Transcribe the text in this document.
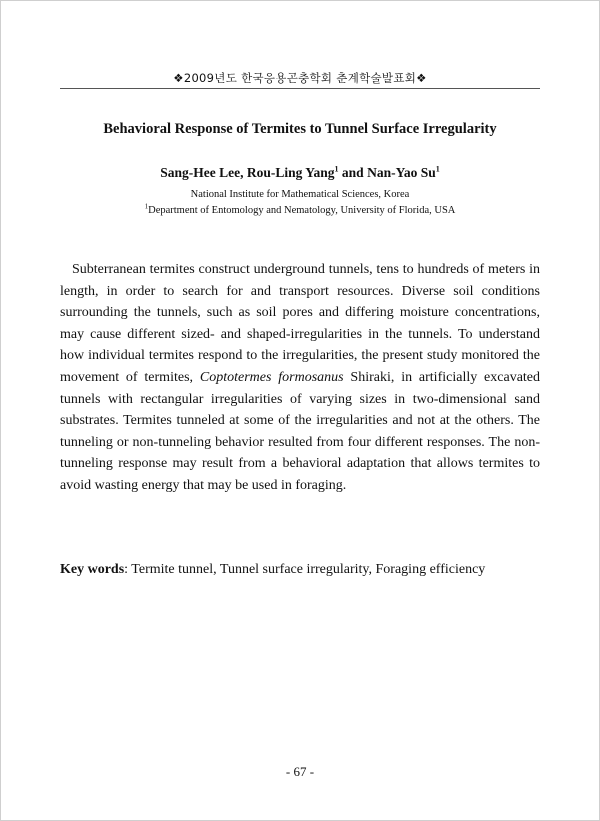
❖2009년도 한국응용곤충학회 춘계학술발표회❖
Behavioral Response of Termites to Tunnel Surface Irregularity
Sang-Hee Lee, Rou-Ling Yang$^1$ and Nan-Yao Su$^1$
National Institute for Mathematical Sciences, Korea
$^1$Department of Entomology and Nematology, University of Florida, USA

Subterranean termites construct underground tunnels, tens to hundreds of meters in length, in order to search for and transport resources. Diverse soil conditions surrounding the tunnels, such as soil pores and differing moisture concentrations, may cause different sized- and shaped-irregularities in the tunnels. To understand how individual termites respond to the irregularities, the present study monitored the movement of termites, Coptotermes formosanus Shiraki, in artificially excavated tunnels with rectangular irregularities of varying sizes in two-dimensional sand substrates. Termites tunneled at some of the irregularities and not at the others. The tunneling or non-tunneling behavior resulted from four different responses. The non-tunneling response may result from a behavioral adaptation that allows termites to avoid wasting energy that may be used in foraging.

Key words: Termite tunnel, Tunnel surface irregularity, Foraging efficiency
- 67 -
